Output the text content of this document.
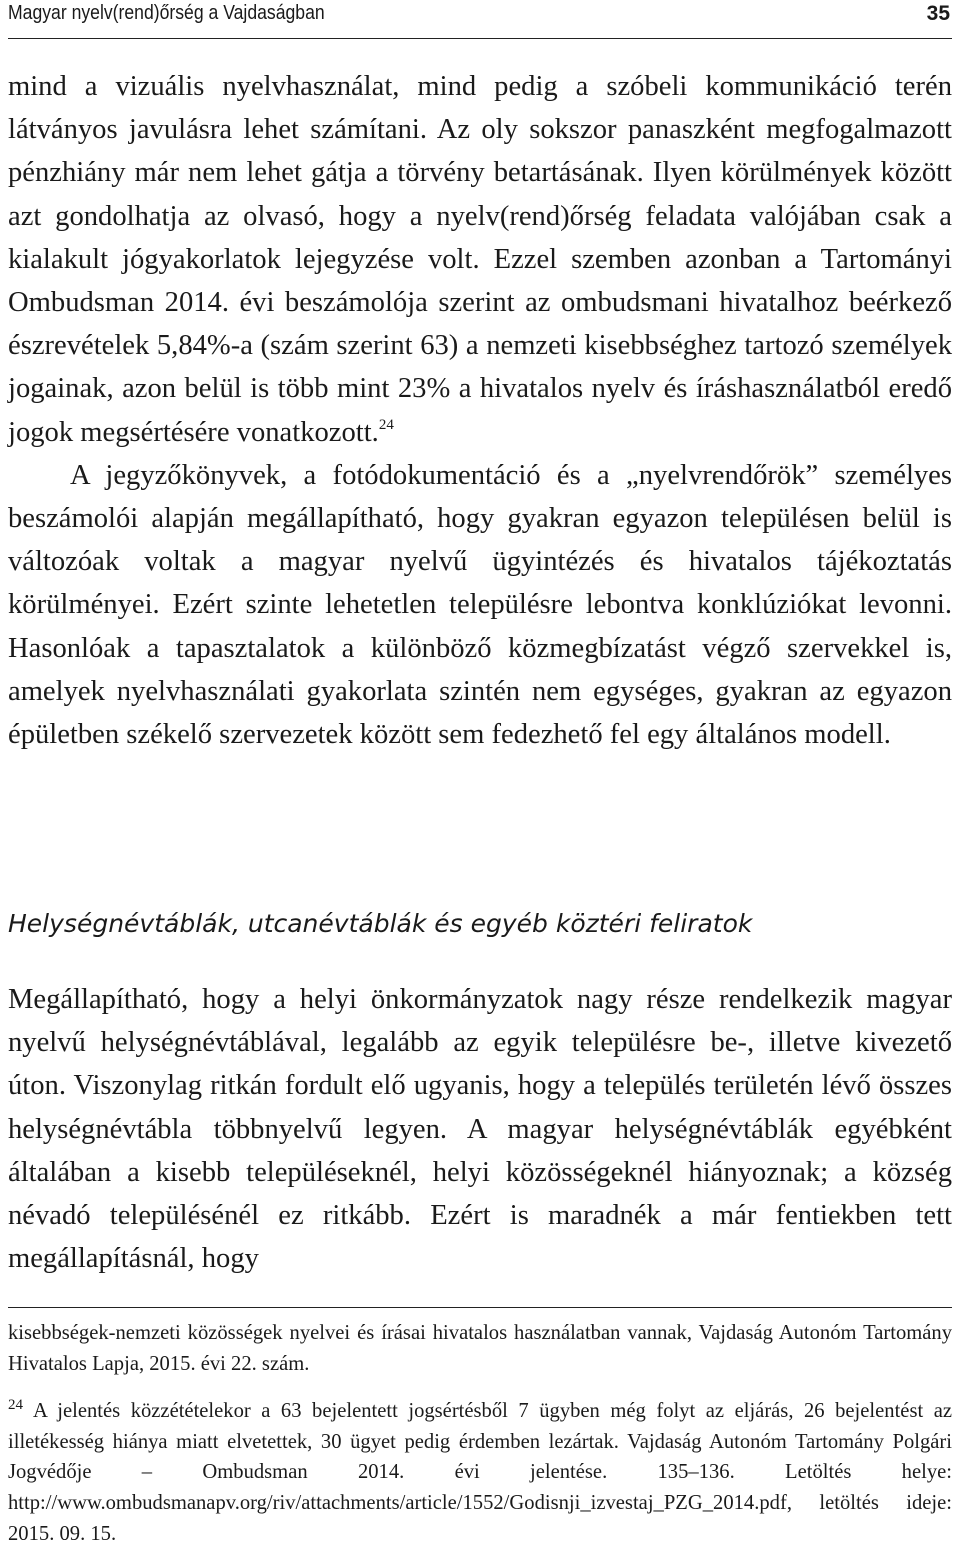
Magyar nyelv(rend)őrség a Vajdaságban	35

mind a vizuális nyelvhasználat, mind pedig a szóbeli kommunikáció terén látványos javulásra lehet számítani. Az oly sokszor panaszként megfogalmazott pénzhiány már nem lehet gátja a törvény betartásának. Ilyen körülmények között azt gondolhatja az olvasó, hogy a nyelv(rend)őrség feladata valójában csak a kialakult jógyakorlatok lejegyzése volt. Ezzel szemben azonban a Tartományi Ombudsman 2014. évi beszámolója szerint az ombudsmani hivatalhoz beérkező észrevételek 5,84%-a (szám szerint 63) a nemzeti kisebbséghez tartozó személyek jogainak, azon belül is több mint 23% a hivatalos nyelv és íráshasználatból eredő jogok megsértésére vonatkozott.$^{24}$

A jegyzőkönyvek, a fotódokumentáció és a „nyelvrendőrök” személyes beszámolói alapján megállapítható, hogy gyakran egyazon településen belül is változóak voltak a magyar nyelvű ügyintézés és hivatalos tájékoztatás körülményei. Ezért szinte lehetetlen településre lebontva konklúziókat levonni. Hasonlóak a tapasztalatok a különböző közmegbízatást végző szervekkel is, amelyek nyelvhasználati gyakorlata szintén nem egységes, gyakran az egyazon épületben székelő szervezetek között sem fedezhető fel egy általános modell.

Helységnévtáblák, utcanévtáblák és egyéb köztéri feliratok

Megállapítható, hogy a helyi önkormányzatok nagy része rendelkezik magyar nyelvű helységnévtáblával, legalább az egyik településre be-, illetve kivezető úton. Viszonylag ritkán fordult elő ugyanis, hogy a település területén lévő összes helységnévtábla többnyelvű legyen. A magyar helységnévtáblák egyébként általában a kisebb településeknél, helyi közösségeknél hiányoznak; a község névadó településénél ez ritkább. Ezért is maradnék a már fentiekben tett megállapításnál, hogy

kisebbségek-nemzeti közösségek nyelvei és írásai hivatalos használatban vannak, Vajdaság Autonóm Tartomány Hivatalos Lapja, 2015. évi 22. szám.

$^{24}$ A jelentés közzétételekor a 63 bejelentett jogsértésből 7 ügyben még folyt az eljárás, 26 bejelentést az illetékesség hiánya miatt elvetettek, 30 ügyet pedig érdemben lezártak. Vajdaság Autonóm Tartomány Polgári Jogvédője – Ombudsman 2014. évi jelentése. 135–136. Letöltés helye: http://www.ombudsmanapv.org/riv/attachments/article/1552/Godisnji_izvestaj_PZG_2014.pdf, letöltés ideje: 2015. 09. 15.
